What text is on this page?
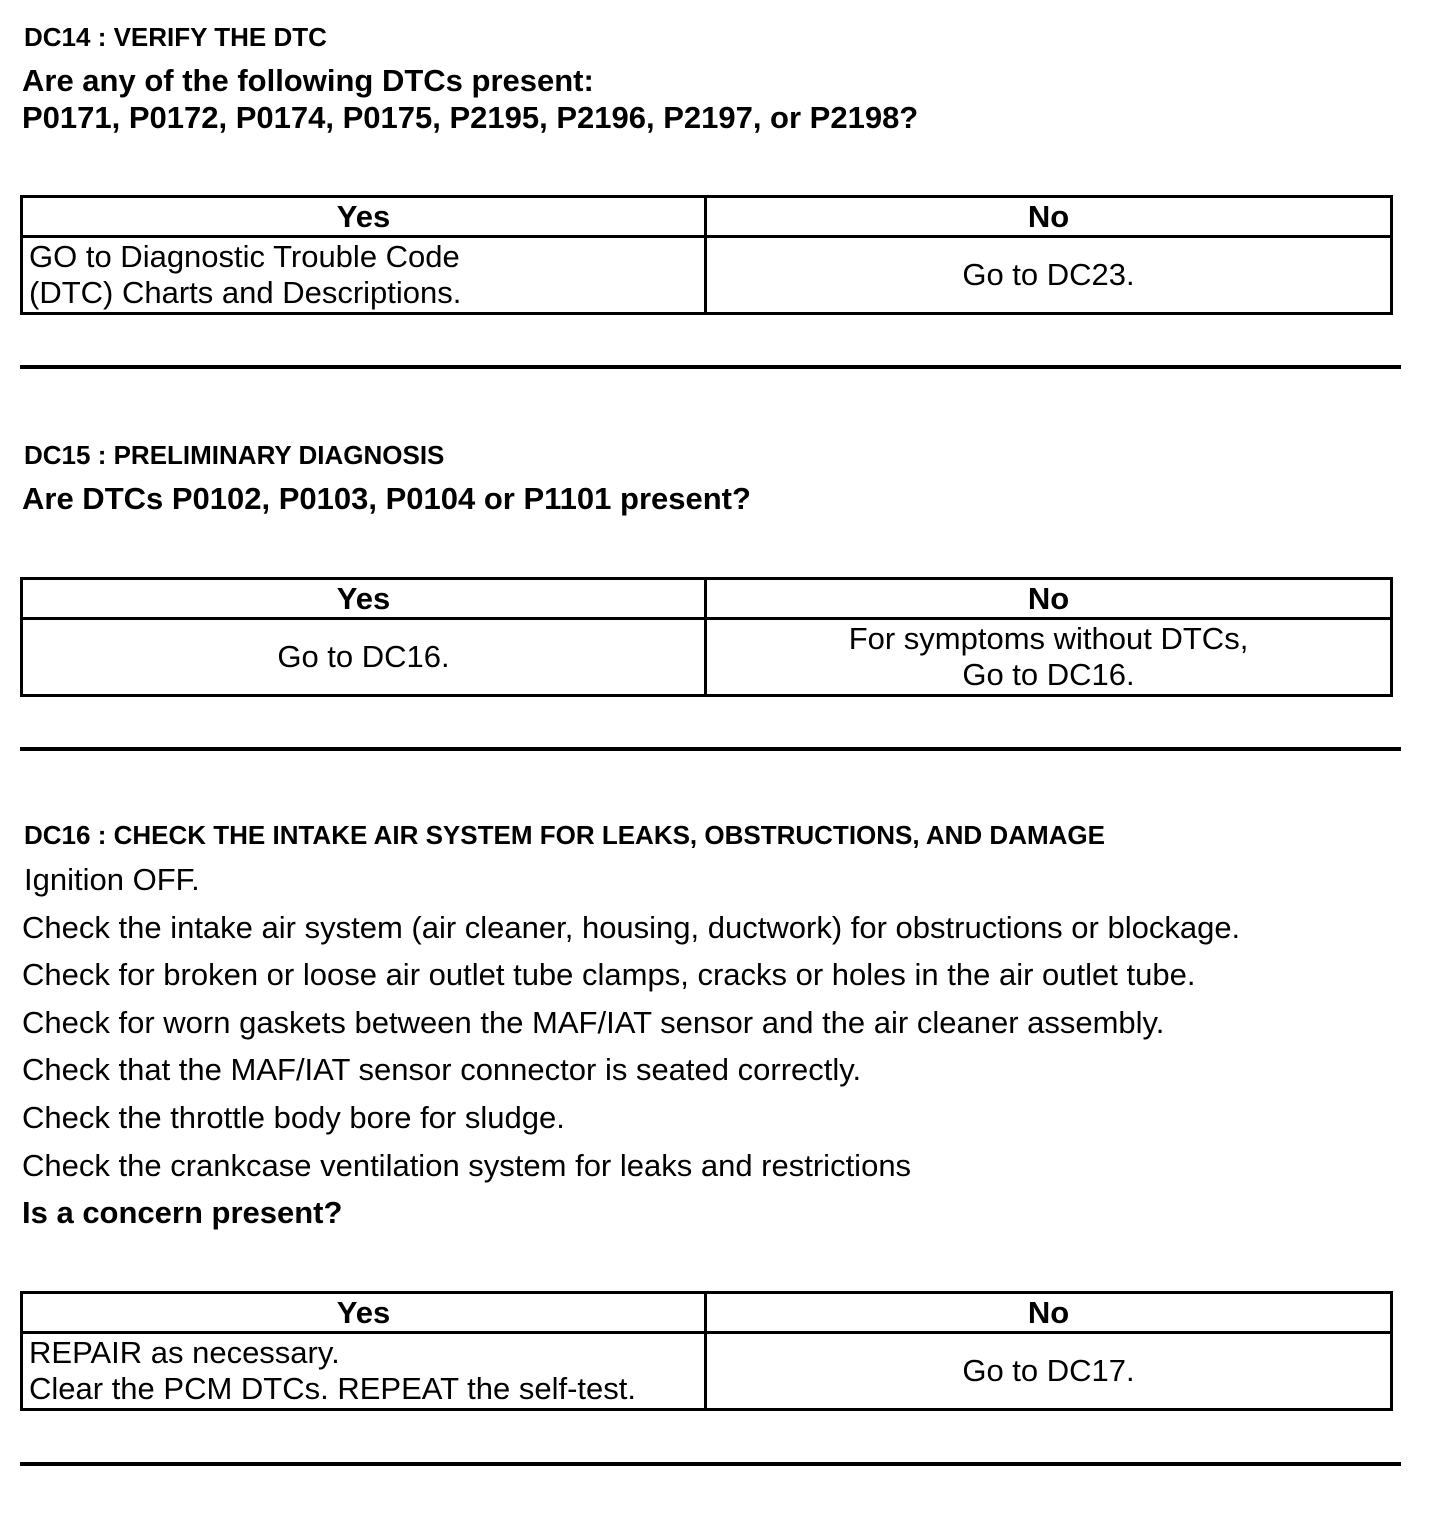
DC14 : VERIFY THE DTC
Are any of the following DTCs present:
P0171, P0172, P0174, P0175, P2195, P2196, P2197, or P2198?
Yes	No

GO to Diagnostic Trouble Code
(DTC) Charts and Descriptions.	Go to DC23.
DC15 : PRELIMINARY DIAGNOSIS
Are DTCs P0102, P0103, P0104 or P1101 present?
Yes	No

Go to DC16.	For symptoms without DTCs,
Go to DC16.
DC16 : CHECK THE INTAKE AIR SYSTEM FOR LEAKS, OBSTRUCTIONS, AND DAMAGE
Ignition OFF.
Check the intake air system (air cleaner, housing, ductwork) for obstructions or blockage.
Check for broken or loose air outlet tube clamps, cracks or holes in the air outlet tube.
Check for worn gaskets between the MAF/IAT sensor and the air cleaner assembly.
Check that the MAF/IAT sensor connector is seated correctly.
Check the throttle body bore for sludge.
Check the crankcase ventilation system for leaks and restrictions
Is a concern present?
Yes	No

REPAIR as necessary.
Clear the PCM DTCs. REPEAT the self-test.	Go to DC17.
